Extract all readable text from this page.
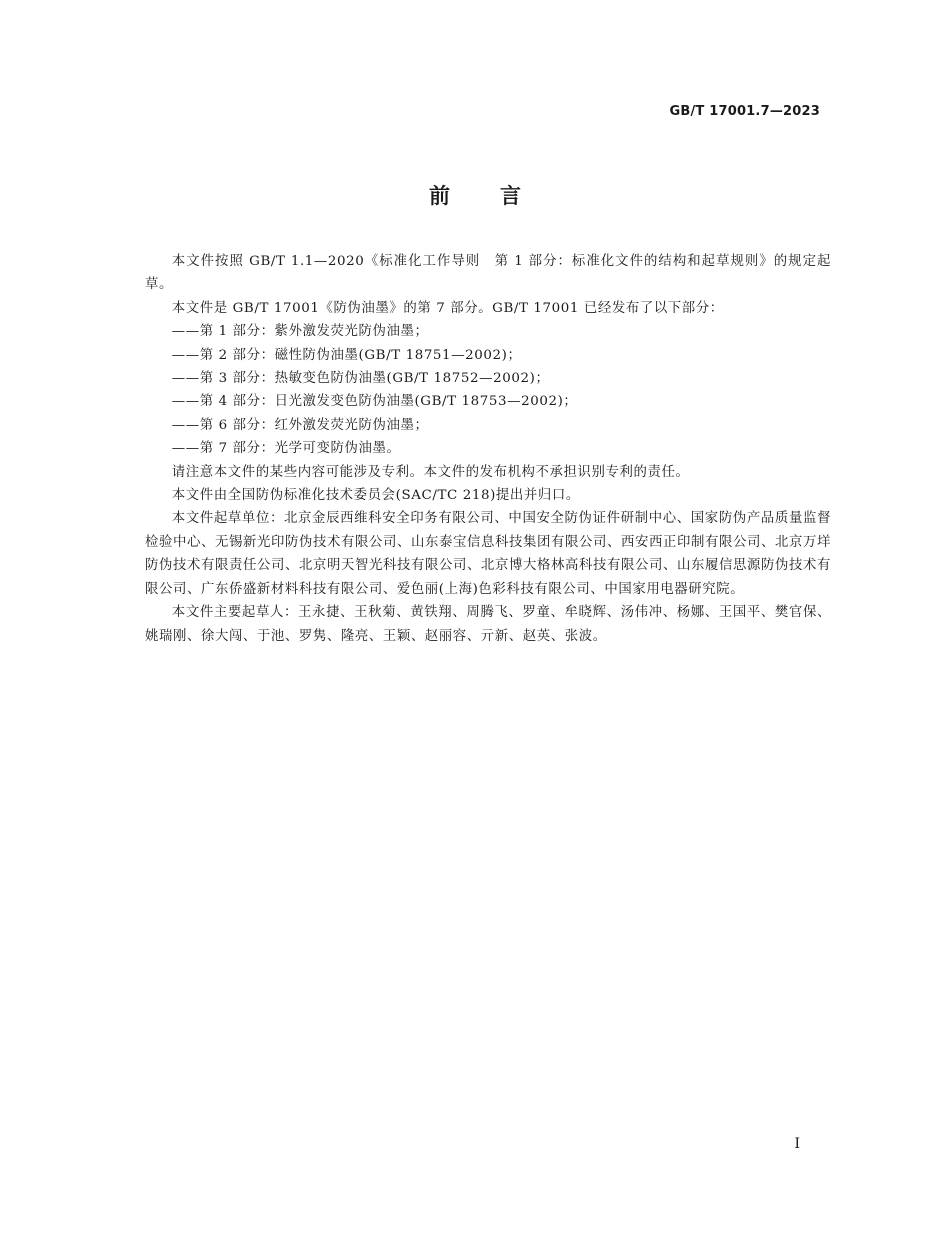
GB/T 17001.7—2023
前言

本文件按照 GB/T 1.1—2020《标准化工作导则　第 1 部分：标准化文件的结构和起草规则》的规定起草。

本文件是 GB/T 17001《防伪油墨》的第 7 部分。GB/T 17001 已经发布了以下部分：

——第 1 部分：紫外激发荧光防伪油墨；

——第 2 部分：磁性防伪油墨(GB/T 18751—2002)；

——第 3 部分：热敏变色防伪油墨(GB/T 18752—2002)；

——第 4 部分：日光激发变色防伪油墨(GB/T 18753—2002)；

——第 6 部分：红外激发荧光防伪油墨；

——第 7 部分：光学可变防伪油墨。

请注意本文件的某些内容可能涉及专利。本文件的发布机构不承担识别专利的责任。

本文件由全国防伪标准化技术委员会(SAC/TC 218)提出并归口。

本文件起草单位：北京金辰西维科安全印务有限公司、中国安全防伪证件研制中心、国家防伪产品质量监督检验中心、无锡新光印防伪技术有限公司、山东泰宝信息科技集团有限公司、西安西正印制有限公司、北京万垟防伪技术有限责任公司、北京明天智光科技有限公司、北京博大格林高科技有限公司、山东履信思源防伪技术有限公司、广东侨盛新材料科技有限公司、爱色丽(上海)色彩科技有限公司、中国家用电器研究院。

本文件主要起草人：王永捷、王秋菊、黄铁翔、周腾飞、罗童、牟晓辉、汤伟冲、杨娜、王国平、樊官保、姚瑞刚、徐大闯、于池、罗隽、隆亮、王颖、赵丽容、亓新、赵英、张波。

I
